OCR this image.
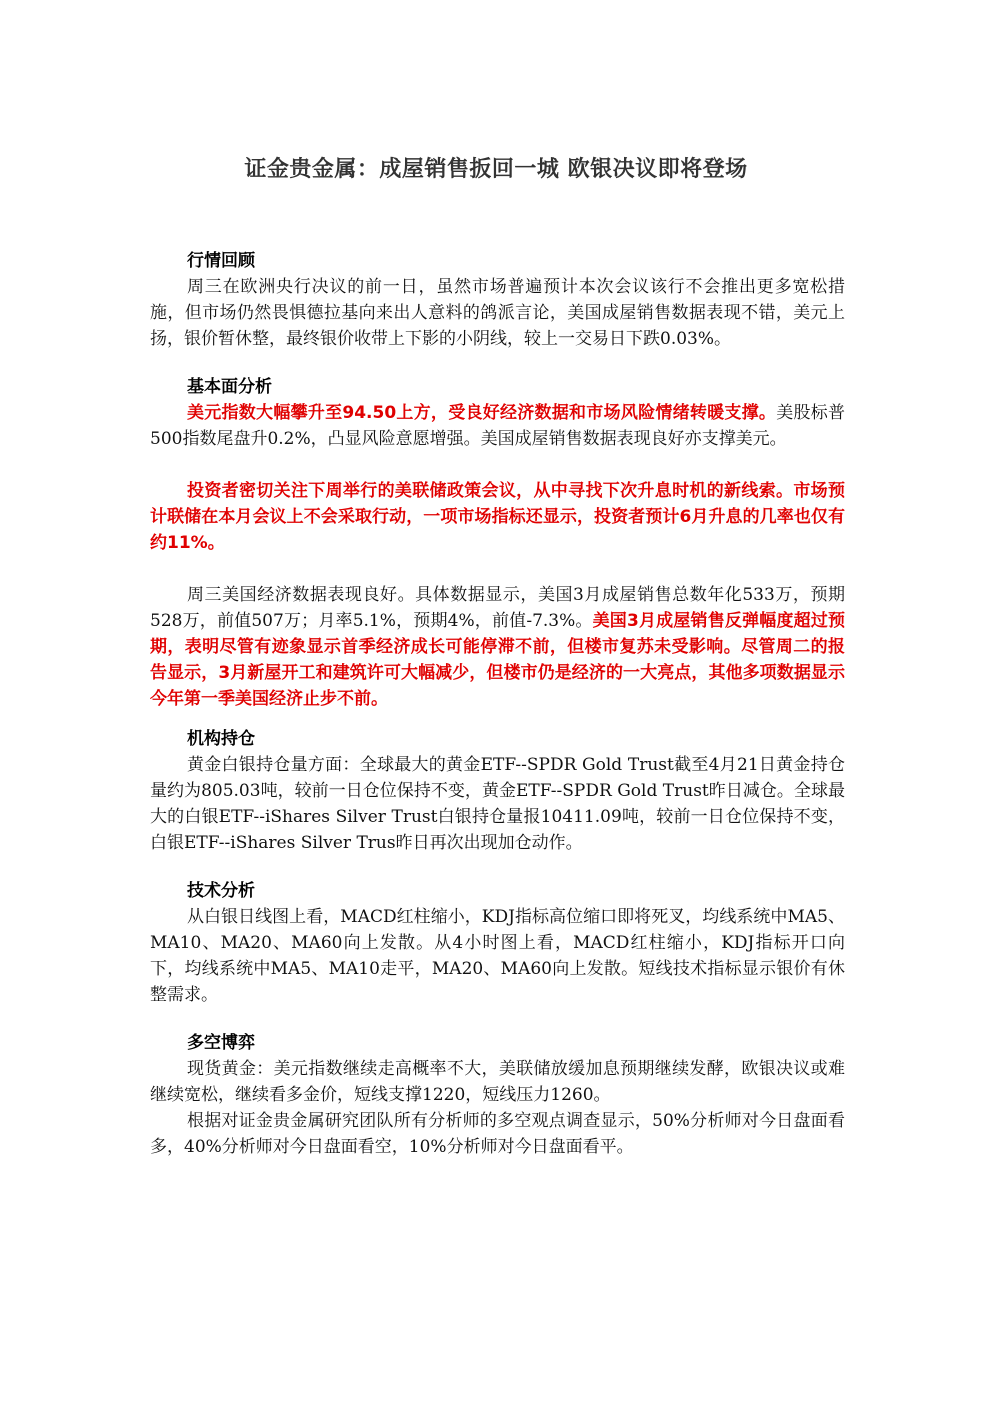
证金贵金属：成屋销售扳回一城 欧银决议即将登场
行情回顾

周三在欧洲央行决议的前一日，虽然市场普遍预计本次会议该行不会推出更多宽松措施，但市场仍然畏惧德拉基向来出人意料的鸽派言论，美国成屋销售数据表现不错，美元上扬，银价暂休整，最终银价收带上下影的小阴线，较上一交易日下跌0.03%。

基本面分析

美元指数大幅攀升至94.50上方，受良好经济数据和市场风险情绪转暖支撑。美股标普500指数尾盘升0.2%，凸显风险意愿增强。美国成屋销售数据表现良好亦支撑美元。

投资者密切关注下周举行的美联储政策会议，从中寻找下次升息时机的新线索。市场预计联储在本月会议上不会采取行动，一项市场指标还显示，投资者预计6月升息的几率也仅有约11%。

周三美国经济数据表现良好。具体数据显示，美国3月成屋销售总数年化533万，预期528万，前值507万；月率5.1%，预期4%，前值-7.3%。美国3月成屋销售反弹幅度超过预期，表明尽管有迹象显示首季经济成长可能停滞不前，但楼市复苏未受影响。尽管周二的报告显示，3月新屋开工和建筑许可大幅减少，但楼市仍是经济的一大亮点，其他多项数据显示今年第一季美国经济止步不前。

机构持仓

黄金白银持仓量方面：全球最大的黄金ETF--SPDR Gold Trust截至4月21日黄金持仓量约为805.03吨，较前一日仓位保持不变，黄金ETF--SPDR Gold Trust昨日减仓。全球最大的白银ETF--iShares Silver Trust白银持仓量报10411.09吨，较前一日仓位保持不变，白银ETF--iShares Silver Trus昨日再次出现加仓动作。

技术分析

从白银日线图上看，MACD红柱缩小，KDJ指标高位缩口即将死叉，均线系统中MA5、MA10、MA20、MA60向上发散。从4小时图上看，MACD红柱缩小，KDJ指标开口向下，均线系统中MA5、MA10走平，MA20、MA60向上发散。短线技术指标显示银价有休整需求。

多空博弈

现货黄金：美元指数继续走高概率不大，美联储放缓加息预期继续发酵，欧银决议或难继续宽松，继续看多金价，短线支撑1220，短线压力1260。

根据对证金贵金属研究团队所有分析师的多空观点调查显示，50%分析师对今日盘面看多，40%分析师对今日盘面看空，10%分析师对今日盘面看平。
